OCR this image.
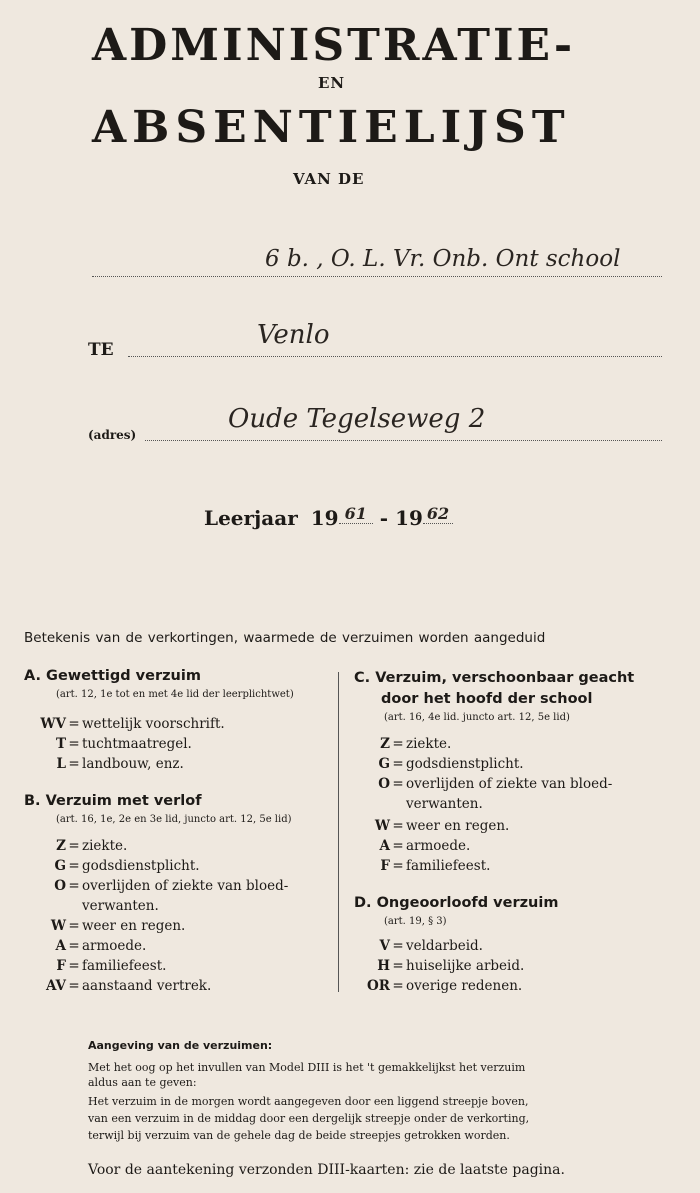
ADMINISTRATIE-
EN
ABSENTIELIJST
VAN DE
6 b. , O. L. Vr. Onb. Ont school
TE	Venlo
(adres)
Oude Tegelseweg 2
Leerjaar 19 $^{61}$ - 19 $^{62}$
Betekenis van de verkortingen, waarmede de verzuimen worden aangeduid
A. Gewettigd verzuim
(art. 12, 1e tot en met 4e lid der leerplichtwet)
WV = wettelijk voorschrift.
T = tuchtmaatregel.
L = landbouw, enz.
B. Verzuim met verlof
(art. 16, 1e, 2e en 3e lid, juncto art. 12, 5e lid)
Z = ziekte.
G = godsdienstplicht.
O = overlijden of ziekte van bloed-
verwanten.
W = weer en regen.
A = armoede.
F = familiefeest.
AV = aanstaand vertrek.
C. Verzuim, verschoonbaar geacht
door het hoofd der school
(art. 16, 4e lid. juncto art. 12, 5e lid)
Z = ziekte.
G = godsdienstplicht.
O = overlijden of ziekte van bloed-
verwanten.
W = weer en regen.
A = armoede.
F = familiefeest.
D. Ongeoorloofd verzuim
(art. 19, § 3)
V = veldarbeid.
H = huiselijke arbeid.
OR = overige redenen.
Aangeving van de verzuimen:
Met het oog op het invullen van Model DIII is het 't gemakkelijkst het verzuim
aldus aan te geven:
Het verzuim in de morgen wordt aangegeven door een liggend streepje boven,
van een verzuim in de middag door een dergelijk streepje onder de verkorting,
terwijl bij verzuim van de gehele dag de beide streepjes getrokken worden.
Voor de aantekening verzonden DIII-kaarten: zie de laatste pagina.
